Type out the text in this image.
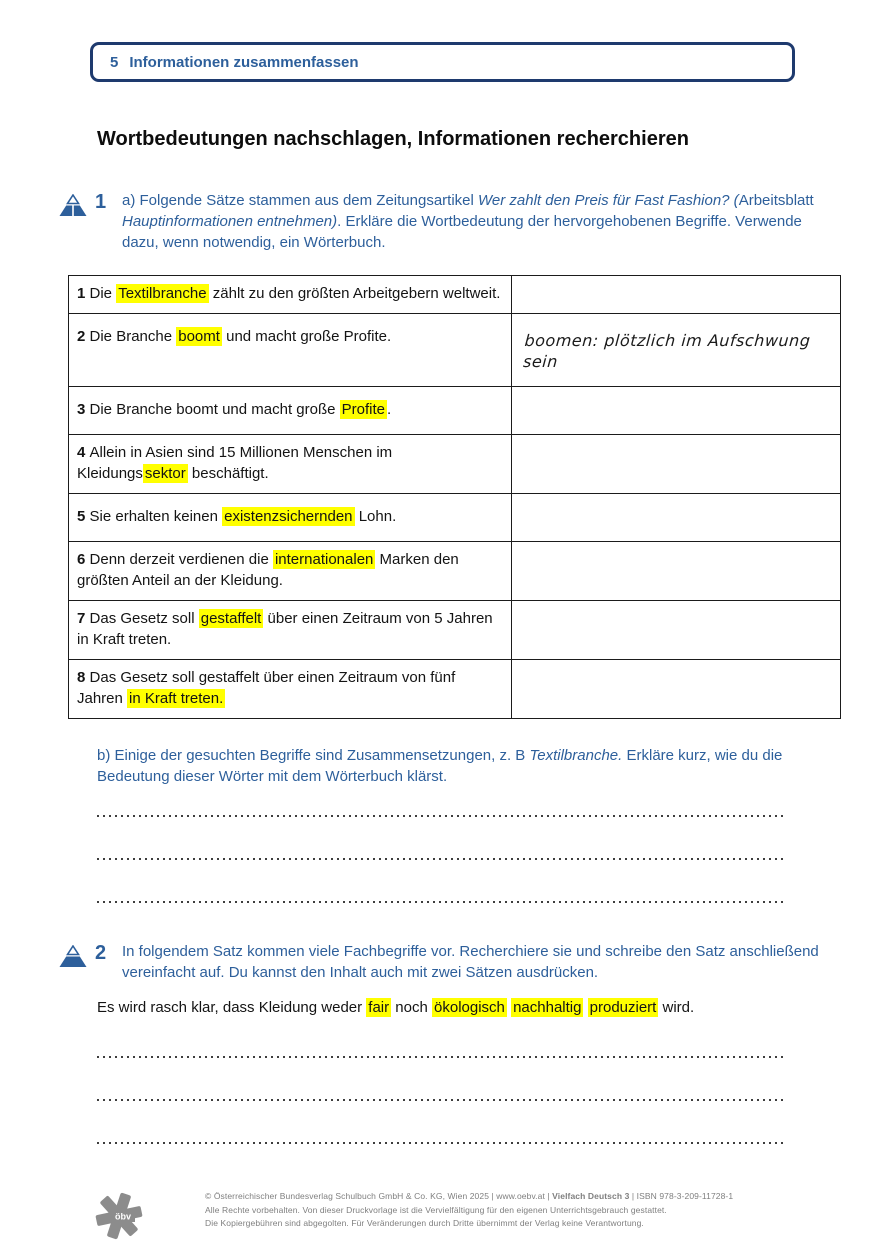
5 Informationen zusammenfassen
Wortbedeutungen nachschlagen, Informationen recherchieren
1 a) Folgende Sätze stammen aus dem Zeitungsartikel Wer zahlt den Preis für Fast Fashion? (Arbeitsblatt Hauptinformationen entnehmen). Erkläre die Wortbedeutung der hervorgehobenen Begriffe. Verwende dazu, wenn notwendig, ein Wörterbuch.
1 Die Textilbranche zählt zu den größten Arbeitgebern weltweit.	

2 Die Branche boomt und macht große Profite.	boomen: plötzlich im Aufschwung sein

3 Die Branche boomt und macht große Profite .	

4 Allein in Asien sind 15 Millionen Menschen im Kleidungs sektor beschäftigt.	

5 Sie erhalten keinen existenzsichernden Lohn.	

6 Denn derzeit verdienen die internationalen Marken den größten Anteil an der Kleidung.	

7 Das Gesetz soll gestaffelt über einen Zeitraum von 5 Jahren in Kraft treten.	

8 Das Gesetz soll gestaffelt über einen Zeitraum von fünf Jahren in Kraft treten.	
b) Einige der gesuchten Begriffe sind Zusammensetzungen, z. B Textilbranche. Erkläre kurz, wie du die Bedeutung dieser Wörter mit dem Wörterbuch klärst.
2 In folgendem Satz kommen viele Fachbegriffe vor. Recherchiere sie und schreibe den Satz anschließend vereinfacht auf. Du kannst den Inhalt auch mit zwei Sätzen ausdrücken.
Es wird rasch klar, dass Kleidung weder fair noch ökologisch nachhaltig produziert wird.
öbv
© Österreichischer Bundesverlag Schulbuch GmbH & Co. KG, Wien 2025 | www.oebv.at | Vielfach Deutsch 3 | ISBN 978-3-209-11728-1
Alle Rechte vorbehalten. Von dieser Druckvorlage ist die Vervielfältigung für den eigenen Unterrichtsgebrauch gestattet.
Die Kopiergebühren sind abgegolten. Für Veränderungen durch Dritte übernimmt der Verlag keine Verantwortung.
